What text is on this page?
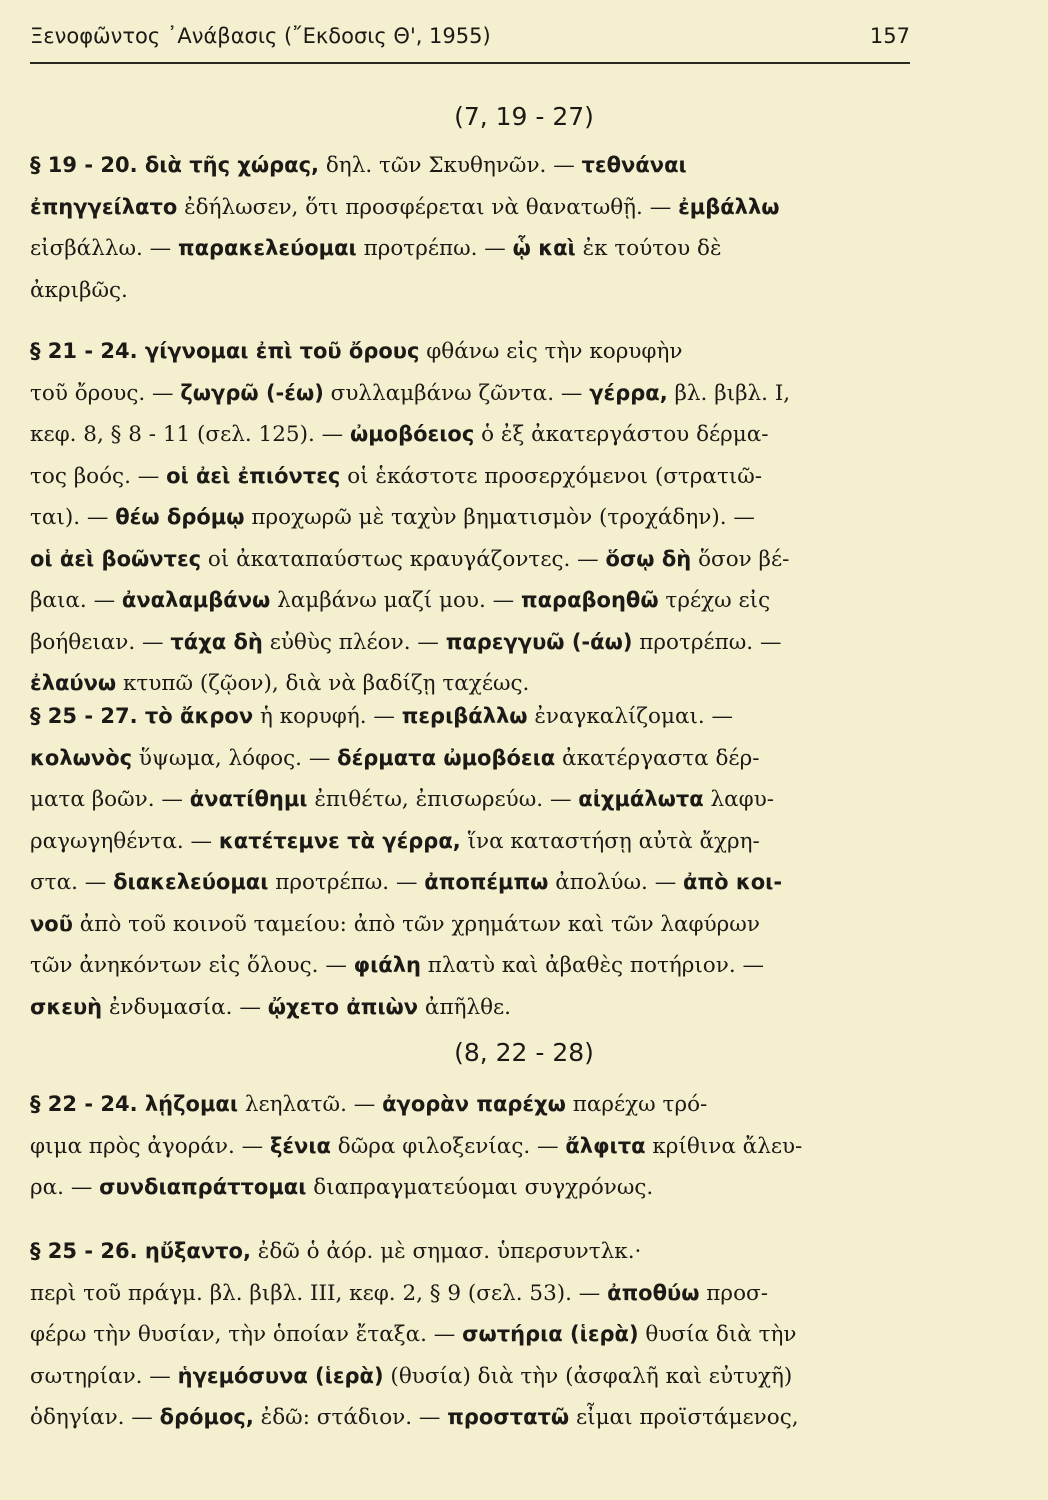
Ξενοφῶντος ᾽Ανάβασις (῎Εκδοσις Θ', 1955)	157
(7, 19 - 27)

§ 19 - 20. διὰ τῆς χώρας, δηλ. τῶν Σκυθηνῶν. — τεθνάναι
ἐπηγγείλατο ἐδήλωσεν, ὅτι προσφέρεται νὰ θανατωθῇ. — ἐμβάλλω
εἰσβάλλω. — παρακελεύομαι προτρέπω. — ᾧ καὶ ἐκ τούτου δὲ
ἀκριβῶς.

§ 21 - 24. γίγνομαι ἐπὶ τοῦ ὄρους φθάνω εἰς τὴν κορυφὴν
τοῦ ὄρους. — ζωγρῶ (-έω) συλλαμβάνω ζῶντα. — γέρρα, βλ. βιβλ. I,
κεφ. 8, § 8 - 11 (σελ. 125). — ὠμοβόειος ὁ ἐξ ἀκατεργάστου δέρμα-
τος βοός. — οἱ ἀεὶ ἐπιόντες οἱ ἑκάστοτε προσερχόμενοι (στρατιῶ-
ται). — θέω δρόμῳ προχωρῶ μὲ ταχὺν βηματισμὸν (τροχάδην). —
οἱ ἀεὶ βοῶντες οἱ ἀκαταπαύστως κραυγάζοντες. — ὅσῳ δὴ ὅσον βέ-
βαια. — ἀναλαμβάνω λαμβάνω μαζί μου. — παραβοηθῶ τρέχω εἰς
βοήθειαν. — τάχα δὴ εὐθὺς πλέον. — παρεγγυῶ (-άω) προτρέπω. —
ἐλαύνω κτυπῶ (ζῷον), διὰ νὰ βαδίζῃ ταχέως.

§ 25 - 27. τὸ ἄκρον ἡ κορυφή. — περιβάλλω ἐναγκαλίζομαι. —
κολωνὸς ὕψωμα, λόφος. — δέρματα ὠμοβόεια ἀκατέργαστα δέρ-
ματα βοῶν. — ἀνατίθημι ἐπιθέτω, ἐπισωρεύω. — αἰχμάλωτα λαφυ-
ραγωγηθέντα. — κατέτεμνε τὰ γέρρα, ἵνα καταστήσῃ αὐτὰ ἄχρη-
στα. — διακελεύομαι προτρέπω. — ἀποπέμπω ἀπολύω. — ἀπὸ κοι-
νοῦ ἀπὸ τοῦ κοινοῦ ταμείου: ἀπὸ τῶν χρημάτων καὶ τῶν λαφύρων
τῶν ἀνηκόντων εἰς ὅλους. — φιάλη πλατὺ καὶ ἀβαθὲς ποτήριον. —
σκευὴ ἐνδυμασία. — ᾤχετο ἀπιὼν ἀπῆλθε.

(8, 22 - 28)

§ 22 - 24. λῄζομαι λεηλατῶ. — ἀγορὰν παρέχω παρέχω τρό-
φιμα πρὸς ἀγοράν. — ξένια δῶρα φιλοξενίας. — ἄλφιτα κρίθινα ἄλευ-
ρα. — συνδιαπράττομαι διαπραγματεύομαι συγχρόνως.

§ 25 - 26. ηὔξαντο, ἐδῶ ὁ ἀόρ. μὲ σημασ. ὑπερσυντλκ.·
περὶ τοῦ πράγμ. βλ. βιβλ. III, κεφ. 2, § 9 (σελ. 53). — ἀποθύω προσ-
φέρω τὴν θυσίαν, τὴν ὁποίαν ἔταξα. — σωτήρια (ἱερὰ) θυσία διὰ τὴν
σωτηρίαν. — ἡγεμόσυνα (ἱερὰ) (θυσία) διὰ τὴν (ἀσφαλῆ καὶ εὐτυχῆ)
ὁδηγίαν. — δρόμος, ἐδῶ: στάδιον. — προστατῶ εἶμαι προϊστάμενος,
